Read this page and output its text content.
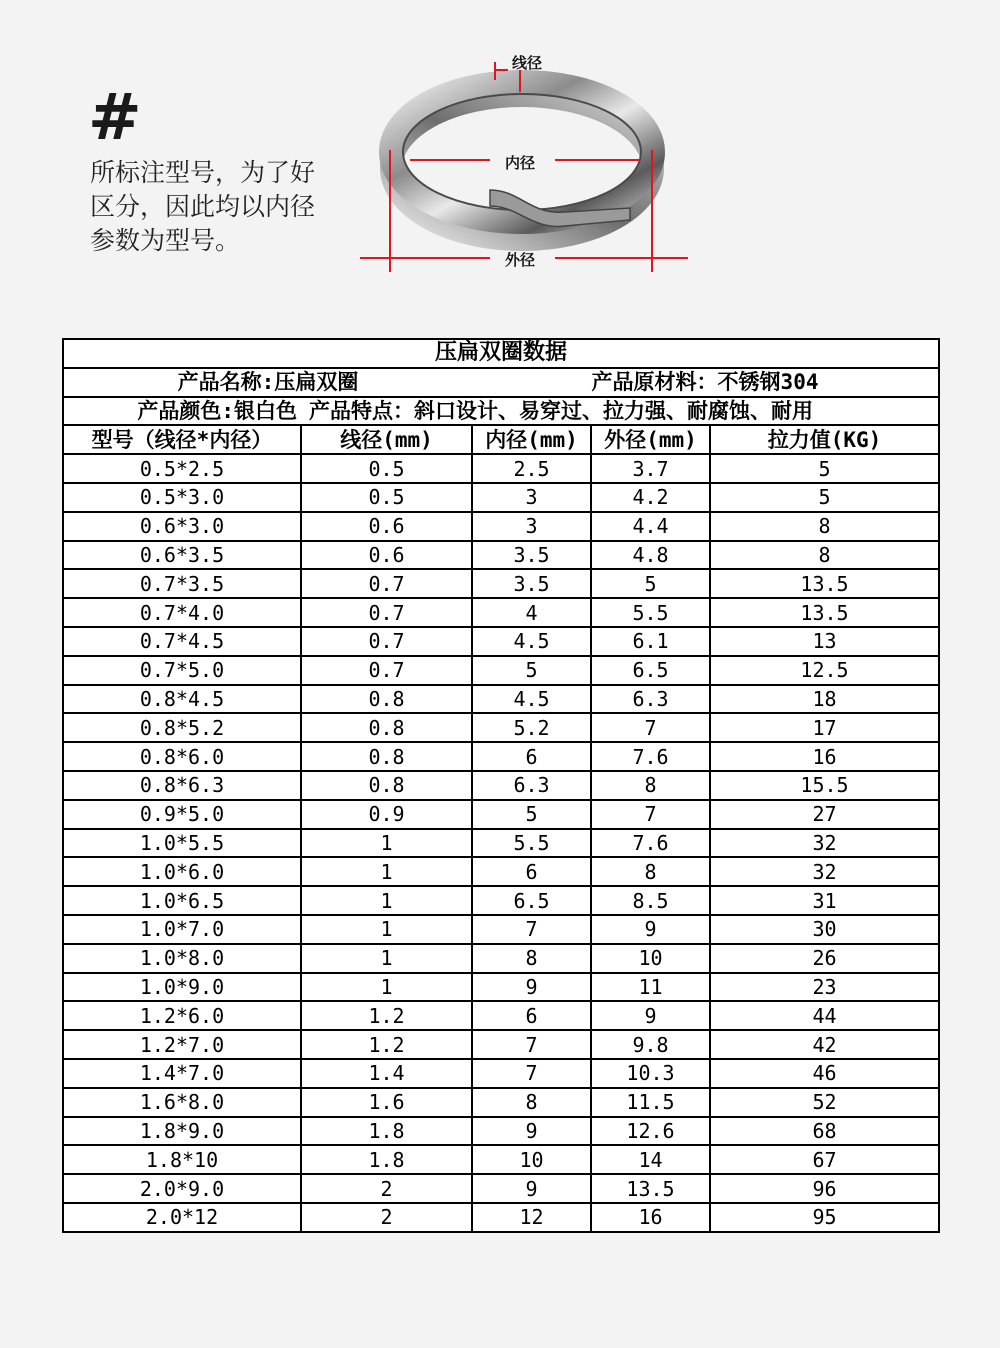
#
所标注型号，为了好
区分，因此均以内径
参数为型号。
线径
内径
外径
压扁双圈数据				
产品名称:压扁双圈		产品原材料：不锈钢304		
产品颜色:银白色	产品特点：斜口设计、易穿过、拉力强、耐腐蚀、耐用			
型号（线径*内径）	线径(mm)	内径(mm)	外径(mm)	拉力值(KG)
0.5*2.5	0.5	2.5	3.7	5
0.5*3.0	0.5	3	4.2	5
0.6*3.0	0.6	3	4.4	8
0.6*3.5	0.6	3.5	4.8	8
0.7*3.5	0.7	3.5	5	13.5
0.7*4.0	0.7	4	5.5	13.5
0.7*4.5	0.7	4.5	6.1	13
0.7*5.0	0.7	5	6.5	12.5
0.8*4.5	0.8	4.5	6.3	18
0.8*5.2	0.8	5.2	7	17
0.8*6.0	0.8	6	7.6	16
0.8*6.3	0.8	6.3	8	15.5
0.9*5.0	0.9	5	7	27
1.0*5.5	1	5.5	7.6	32
1.0*6.0	1	6	8	32
1.0*6.5	1	6.5	8.5	31
1.0*7.0	1	7	9	30
1.0*8.0	1	8	10	26
1.0*9.0	1	9	11	23
1.2*6.0	1.2	6	9	44
1.2*7.0	1.2	7	9.8	42
1.4*7.0	1.4	7	10.3	46
1.6*8.0	1.6	8	11.5	52
1.8*9.0	1.8	9	12.6	68
1.8*10	1.8	10	14	67
2.0*9.0	2	9	13.5	96
2.0*12	2	12	16	95
